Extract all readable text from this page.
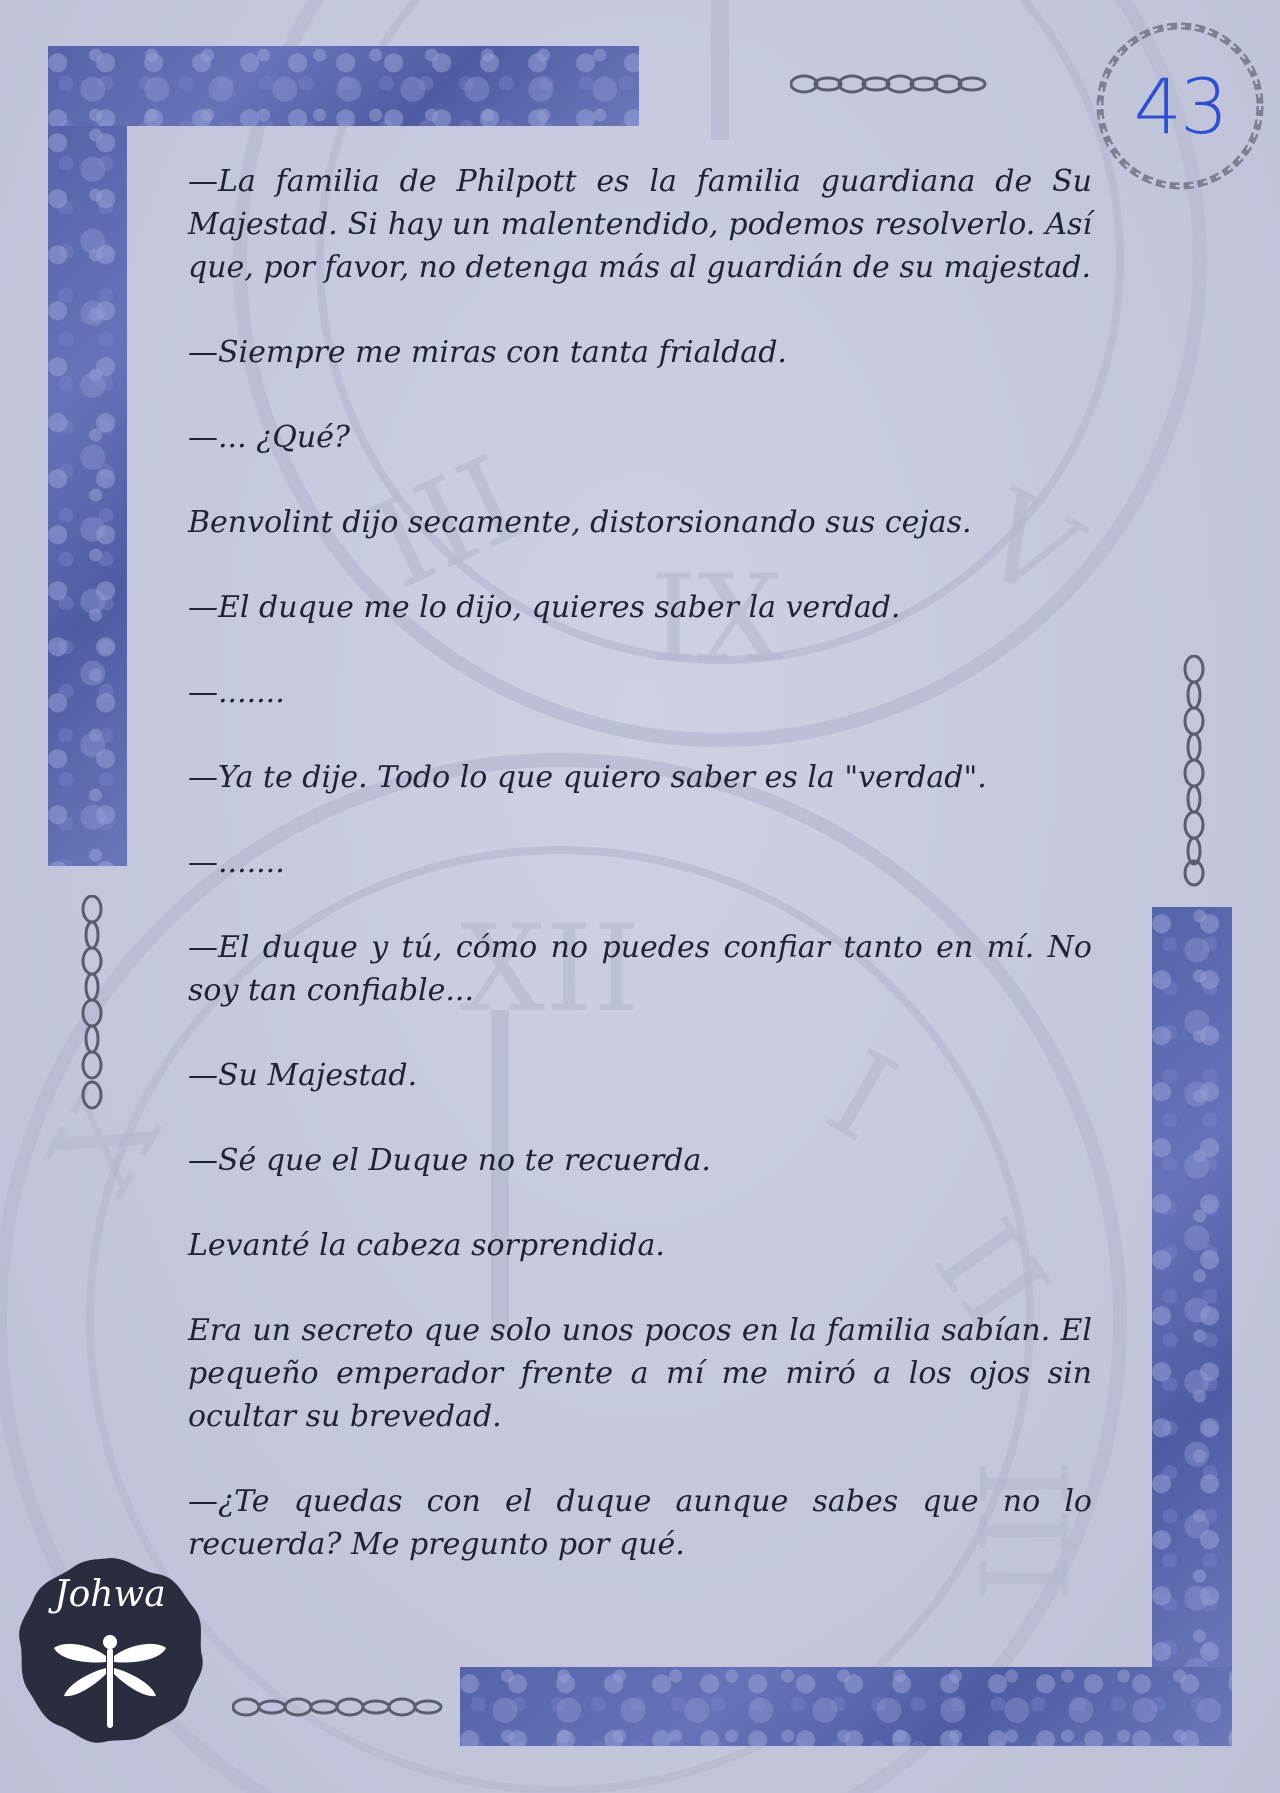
IX
III	V
XII
I
II
III
X
43

—La familia de Philpott es la familia guardiana de Su Majestad. Si hay un malentendido, podemos resolverlo. Así que, por favor, no detenga más al guardián de su majestad.

—Siempre me miras con tanta frialdad.

—... ¿Qué?

Benvolint dijo secamente, distorsionando sus cejas.

—El duque me lo dijo, quieres saber la verdad.

—.......

—Ya te dije. Todo lo que quiero saber es la "verdad".

—.......

—El duque y tú, cómo no puedes confiar tanto en mí. No soy tan confiable...

—Su Majestad.

—Sé que el Duque no te recuerda.

Levanté la cabeza sorprendida.

Era un secreto que solo unos pocos en la familia sabían. El pequeño emperador frente a mí me miró a los ojos sin ocultar su brevedad.

—¿Te quedas con el duque aunque sabes que no lo recuerda? Me pregunto por qué.

Johwa
